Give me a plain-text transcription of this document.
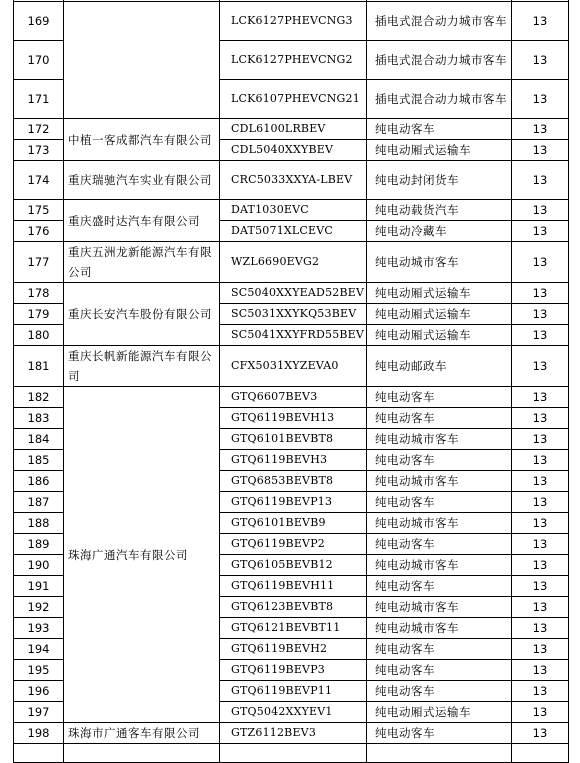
169		LCK6127PHEVCNG3	插电式混合动力城市客车	13
170		LCK6127PHEVCNG2	插电式混合动力城市客车	13
171		LCK6107PHEVCNG21	插电式混合动力城市客车	13
172	中植一客成都汽车有限公司	CDL6100LRBEV	纯电动客车	13
173		CDL5040XXYBEV	纯电动厢式运输车	13
174	重庆瑞驰汽车实业有限公司	CRC5033XXYA-LBEV	纯电动封闭货车	13
175	重庆盛时达汽车有限公司	DAT1030EVC	纯电动载货汽车	13
176		DAT5071XLCEVC	纯电动冷藏车	13
177	重庆五洲龙新能源汽车有限公司	WZL6690EVG2	纯电动城市客车	13
178	重庆长安汽车股份有限公司	SC5040XXYEAD52BEV	纯电动厢式运输车	13
179		SC5031XXYKQ53BEV	纯电动厢式运输车	13
180		SC5041XXYFRD55BEV	纯电动厢式运输车	13
181	重庆长帆新能源汽车有限公司	CFX5031XYZEVA0	纯电动邮政车	13
182	珠海广通汽车有限公司	GTQ6607BEV3	纯电动客车	13
183		GTQ6119BEVH13	纯电动客车	13
184		GTQ6101BEVBT8	纯电动城市客车	13
185		GTQ6119BEVH3	纯电动客车	13
186		GTQ6853BEVBT8	纯电动城市客车	13
187		GTQ6119BEVP13	纯电动客车	13
188		GTQ6101BEVB9	纯电动城市客车	13
189		GTQ6119BEVP2	纯电动客车	13
190		GTQ6105BEVB12	纯电动城市客车	13
191		GTQ6119BEVH11	纯电动客车	13
192		GTQ6123BEVBT8	纯电动城市客车	13
193		GTQ6121BEVBT11	纯电动城市客车	13
194		GTQ6119BEVH2	纯电动客车	13
195		GTQ6119BEVP3	纯电动客车	13
196		GTQ6119BEVP11	纯电动客车	13
197		GTQ5042XXYEV1	纯电动厢式运输车	13
198	珠海市广通客车有限公司	GTZ6112BEV3	纯电动客车	13
